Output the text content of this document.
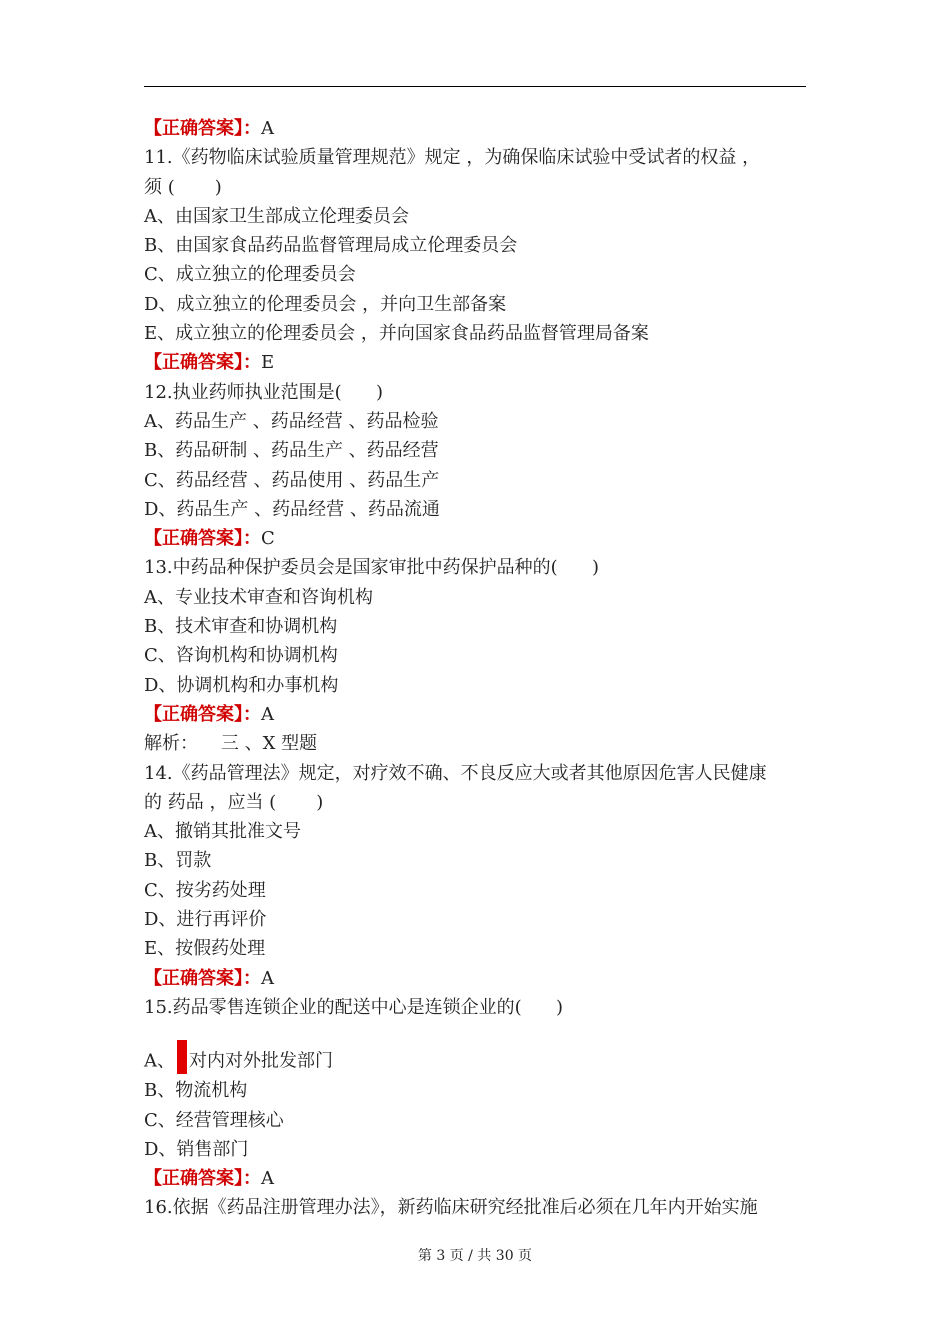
【正确答案】：A
11.《药物临床试验质量管理规范》规定 ，为确保临床试验中受试者的权益 ，
须 (       )
A、由国家卫生部成立伦理委员会
B、由国家食品药品监督管理局成立伦理委员会
C、成立独立的伦理委员会
D、成立独立的伦理委员会 ，并向卫生部备案
E、成立独立的伦理委员会 ，并向国家食品药品监督管理局备案
【正确答案】：E
12.执业药师执业范围是(      )
A、药品生产 、药品经营 、药品检验
B、药品研制 、药品生产 、药品经营
C、药品经营 、药品使用 、药品生产
D、药品生产 、药品经营 、药品流通
【正确答案】：C
13.中药品种保护委员会是国家审批中药保护品种的(      )
A、专业技术审查和咨询机构
B、技术审查和协调机构
C、咨询机构和协调机构
D、协调机构和办事机构
【正确答案】：A
解析：    三 、X 型题
14.《药品管理法》规定，对疗效不确、不良反应大或者其他原因危害人民健康
的 药品 ，应当 (       )
A、撤销其批准文号
B、罚款
C、按劣药处理
D、进行再评价
E、按假药处理
【正确答案】：A
15.药品零售连锁企业的配送中心是连锁企业的(      )
A、 对内对外批发部门
B、物流机构
C、经营管理核心
D、销售部门
【正确答案】：A
16.依据《药品注册管理办法》，新药临床研究经批准后必须在几年内开始实施
第 3 页 / 共 30 页
